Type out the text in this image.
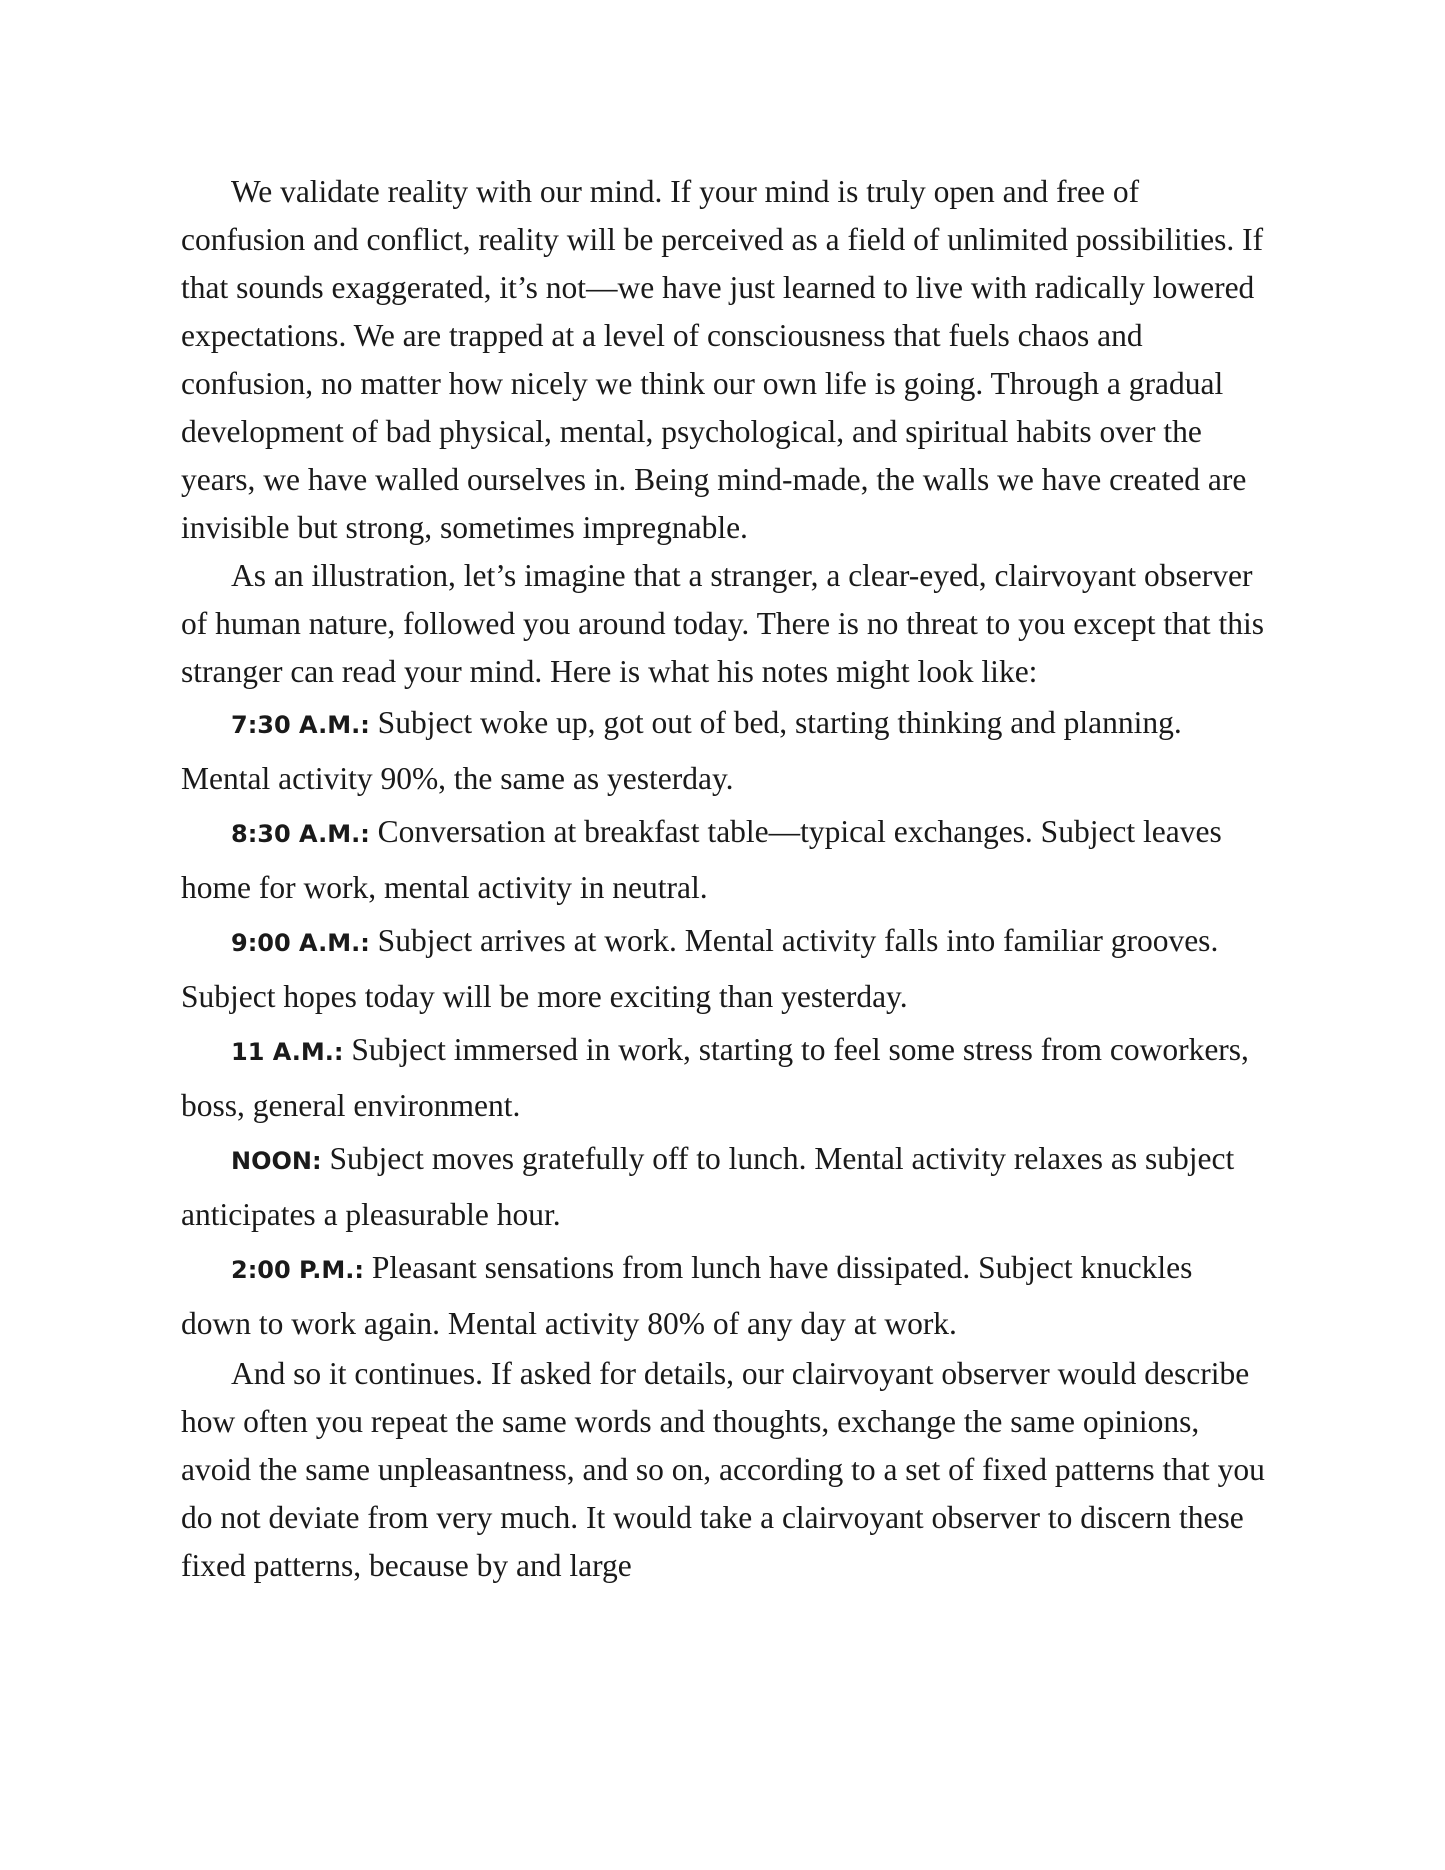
We validate reality with our mind. If your mind is truly open and free of confusion and conflict, reality will be perceived as a field of unlimited possibilities. If that sounds exaggerated, it’s not—we have just learned to live with radically lowered expectations. We are trapped at a level of consciousness that fuels chaos and confusion, no matter how nicely we think our own life is going. Through a gradual development of bad physical, mental, psychological, and spiritual habits over the years, we have walled ourselves in. Being mind-made, the walls we have created are invisible but strong, sometimes impregnable.

As an illustration, let’s imagine that a stranger, a clear-eyed, clairvoyant observer of human nature, followed you around today. There is no threat to you except that this stranger can read your mind. Here is what his notes might look like:

7:30 A.M.: Subject woke up, got out of bed, starting thinking and planning. Mental activity 90%, the same as yesterday.

8:30 A.M.: Conversation at breakfast table—typical exchanges. Subject leaves home for work, mental activity in neutral.

9:00 A.M.: Subject arrives at work. Mental activity falls into familiar grooves. Subject hopes today will be more exciting than yesterday.

11 A.M.: Subject immersed in work, starting to feel some stress from coworkers, boss, general environment.

NOON: Subject moves gratefully off to lunch. Mental activity relaxes as subject anticipates a pleasurable hour.

2:00 P.M.: Pleasant sensations from lunch have dissipated. Subject knuckles down to work again. Mental activity 80% of any day at work.

And so it continues. If asked for details, our clairvoyant observer would describe how often you repeat the same words and thoughts, exchange the same opinions, avoid the same unpleasantness, and so on, according to a set of fixed patterns that you do not deviate from very much. It would take a clairvoyant observer to discern these fixed patterns, because by and large
